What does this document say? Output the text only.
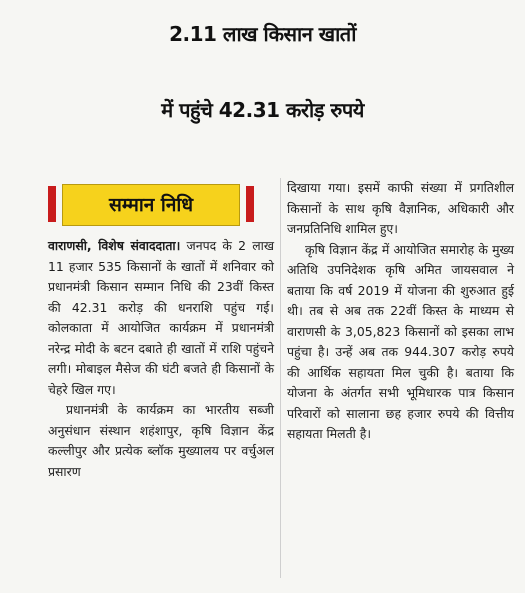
2.11 लाख किसान खातों
में पहुंचे 42.31 करोड़ रुपये
सम्मान निधि

वाराणसी, विशेष संवाददाता। जनपद के 2 लाख 11 हजार 535 किसानों के खातों में शनिवार को प्रधानमंत्री किसान सम्मान निधि की 23वीं किस्त की 42.31 करोड़ की धनराशि पहुंच गई। कोलकाता में आयोजित कार्यक्रम में प्रधानमंत्री नरेन्द्र मोदी के बटन दबाते ही खातों में राशि पहुंचने लगी। मोबाइल मैसेज की घंटी बजते ही किसानों के चेहरे खिल गए।

प्रधानमंत्री के कार्यक्रम का भारतीय सब्जी अनुसंधान संस्थान शहंशापुर, कृषि विज्ञान केंद्र कल्लीपुर और प्रत्येक ब्लॉक मुख्यालय पर वर्चुअल प्रसारण

दिखाया गया। इसमें काफी संख्या में प्रगतिशील किसानों के साथ कृषि वैज्ञानिक, अधिकारी और जनप्रतिनिधि शामिल हुए।

कृषि विज्ञान केंद्र में आयोजित समारोह के मुख्य अतिथि उपनिदेशक कृषि अमित जायसवाल ने बताया कि वर्ष 2019 में योजना की शुरुआत हुई थी। तब से अब तक 22वीं किस्त के माध्यम से वाराणसी के 3,05,823 किसानों को इसका लाभ पहुंचा है। उन्हें अब तक 944.307 करोड़ रुपये की आर्थिक सहायता मिल चुकी है। बताया कि योजना के अंतर्गत सभी भूमिधारक पात्र किसान परिवारों को सालाना छह हजार रुपये की वित्तीय सहायता मिलती है।
